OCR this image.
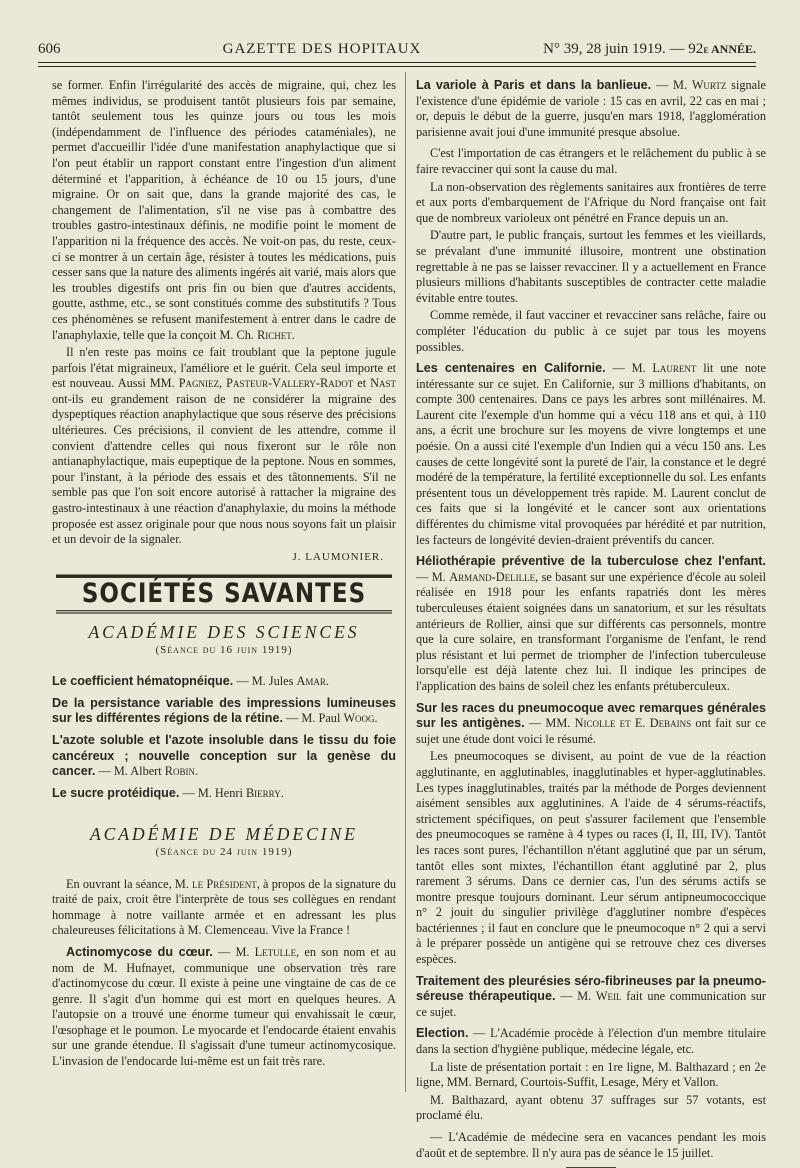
606	GAZETTE DES HOPITAUX	N° 39, 28 juin 1919. — 92e ANNÉE.

se former. Enfin l'irrégularité des accès de migraine, qui, chez les mêmes individus, se produisent tantôt plusieurs fois par semaine, tantôt seulement tous les quinze jours ou tous les mois (indépendamment de l'influence des périodes cataméniales), ne permet d'accueillir l'idée d'une manifestation anaphylactique que si l'on peut établir un rapport constant entre l'ingestion d'un aliment déterminé et l'apparition, à échéance de 10 ou 15 jours, d'une migraine. Or on sait que, dans la grande majorité des cas, le changement de l'alimentation, s'il ne vise pas à combattre des troubles gastro-intestinaux définis, ne modifie point le moment de l'apparition ni la fréquence des accès. Ne voit-on pas, du reste, ceux-ci se montrer à un certain âge, résister à toutes les médications, puis cesser sans que la nature des aliments ingérés ait varié, mais alors que les troubles digestifs ont pris fin ou bien que d'autres accidents, goutte, asthme, etc., se sont constitués comme des substitutifs ? Tous ces phénomènes se refusent manifestement à entrer dans le cadre de l'anaphylaxie, telle que la conçoit M. Ch. Richet.

Il n'en reste pas moins ce fait troublant que la peptone jugule parfois l'état migraineux, l'améliore et le guérit. Cela seul importe et est nouveau. Aussi MM. Pagniez, Pasteur-Vallery-Radot et Nast ont-ils eu grandement raison de ne considérer la migraine des dyspeptiques réaction anaphylactique que sous réserve des précisions ultérieures. Ces précisions, il convient de les attendre, comme il convient d'attendre celles qui nous fixeront sur le rôle non antianaphylactique, mais eupeptique de la peptone. Nous en sommes, pour l'instant, à la période des essais et des tâtonnements. S'il ne semble pas que l'on soit encore autorisé à rattacher la migraine des gastro-intestinaux à une réaction d'anaphylaxie, du moins la méthode proposée est assez originale pour que nous nous soyons fait un plaisir et un devoir de la signaler.

J. LAUMONIER.
SOCIÉTÉS SAVANTES
ACADÉMIE DES SCIENCES
(Séance du 16 juin 1919)

Le coefficient hématopnéique. — M. Jules Amar.

De la persistance variable des impressions lumineuses sur les différentes régions de la rétine. — M. Paul Woog.

L'azote soluble et l'azote insoluble dans le tissu du foie cancéreux ; nouvelle conception sur la genèse du cancer. — M. Albert Robin.

Le sucre protéidique. — M. Henri Bierry.

ACADÉMIE DE MÉDECINE
(Séance du 24 juin 1919)

En ouvrant la séance, M. le Président, à propos de la signature du traité de paix, croit être l'interprète de tous ses collègues en rendant hommage à notre vaillante armée et en adressant les plus chaleureuses félicitations à M. Clemenceau. Vive la France !

Actinomycose du cœur. — M. Letulle, en son nom et au nom de M. Hufnayet, communique une observation très rare d'actinomycose du cœur. Il existe à peine une vingtaine de cas de ce genre. Il s'agit d'un homme qui est mort en quelques heures. A l'autopsie on a trouvé une énorme tumeur qui envahissait le cœur, l'œsophage et le poumon. Le myocarde et l'endocarde étaient envahis sur une grande étendue. Il s'agissait d'une tumeur actinomycosique. L'invasion de l'endocarde lui-même est un fait très rare.

La variole à Paris et dans la banlieue. — M. Wurtz signale l'existence d'une épidémie de variole : 15 cas en avril, 22 cas en mai ; or, depuis le début de la guerre, jusqu'en mars 1918, l'agglomération parisienne avait joui d'une immunité presque absolue.

C'est l'importation de cas étrangers et le relâchement du public à se faire revacciner qui sont la cause du mal.

La non-observation des règlements sanitaires aux frontières de terre et aux ports d'embarquement de l'Afrique du Nord française ont fait que de nombreux varioleux ont pénétré en France depuis un an.

D'autre part, le public français, surtout les femmes et les vieillards, se prévalant d'une immunité illusoire, montrent une obstination regrettable à ne pas se laisser revacciner. Il y a actuellement en France plusieurs millions d'habitants susceptibles de contracter cette maladie évitable entre toutes.

Comme remède, il faut vacciner et revacciner sans relâche, faire ou compléter l'éducation du public à ce sujet par tous les moyens possibles.

Les centenaires en Californie. — M. Laurent lit une note intéressante sur ce sujet. En Californie, sur 3 millions d'habitants, on compte 300 centenaires. Dans ce pays les arbres sont millénaires. M. Laurent cite l'exemple d'un homme qui a vécu 118 ans et qui, à 110 ans, a écrit une brochure sur les moyens de vivre longtemps et une poésie. On a aussi cité l'exemple d'un Indien qui a vécu 150 ans. Les causes de cette longévité sont la pureté de l'air, la constance et le degré modéré de la température, la fertilité exceptionnelle du sol. Les enfants présentent tous un développement très rapide. M. Laurent conclut de ces faits que si la longévité et le cancer sont aux orientations différentes du chimisme vital provoquées par hérédité et par nutrition, les facteurs de longévité devien-draient préventifs du cancer.

Héliothérapie préventive de la tuberculose chez l'enfant. — M. Armand-Delille, se basant sur une expérience d'école au soleil réalisée en 1918 pour les enfants rapatriés dont les mères tuberculeuses étaient soignées dans un sanatorium, et sur les résultats antérieurs de Rollier, ainsi que sur différents cas personnels, montre que la cure solaire, en transformant l'organisme de l'enfant, le rend plus résistant et lui permet de triompher de l'infection tuberculeuse lorsqu'elle est déjà latente chez lui. Il indique les principes de l'application des bains de soleil chez les enfants prétuberculeux.

Sur les races du pneumocoque avec remarques générales sur les antigènes. — MM. Nicolle et E. Debains ont fait sur ce sujet une étude dont voici le résumé.

Les pneumocoques se divisent, au point de vue de la réaction agglutinante, en agglutinables, inagglutinables et hyper-agglutinables. Les types inagglutinables, traités par la méthode de Porges deviennent aisément sensibles aux agglutinines. A l'aide de 4 sérums-réactifs, strictement spécifiques, on peut s'assurer facilement que l'ensemble des pneumocoques se ramène à 4 types ou races (I, II, III, IV). Tantôt les races sont pures, l'échantillon n'étant agglutiné que par un sérum, tantôt elles sont mixtes, l'échantillon étant agglutiné par 2, plus rarement 3 sérums. Dans ce dernier cas, l'un des sérums actifs se montre presque toujours dominant. Leur sérum antipneumococcique n° 2 jouit du singulier privilège d'agglutiner nombre d'espèces bactériennes ; il faut en conclure que le pneumocoque n° 2 qui a servi à le préparer possède un antigène qui se retrouve chez ces diverses espèces.

Traitement des pleurésies séro-fibrineuses par la pneumo-séreuse thérapeutique. — M. Weil fait une communication sur ce sujet.

Election. — L'Académie procède à l'élection d'un membre titulaire dans la section d'hygiène publique, médecine légale, etc.

La liste de présentation portait : en 1re ligne, M. Balthazard ; en 2e ligne, MM. Bernard, Courtois-Suffit, Lesage, Méry et Vallon.

M. Balthazard, ayant obtenu 37 suffrages sur 57 votants, est proclamé élu.

— L'Académie de médecine sera en vacances pendant les mois d'août et de septembre. Il n'y aura pas de séance le 15 juillet.
